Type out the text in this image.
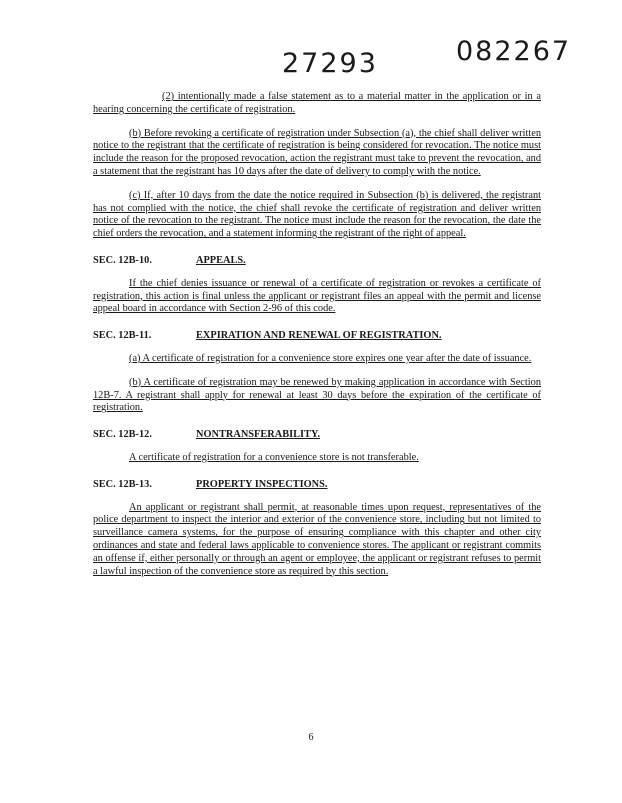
27293	082267

(2) intentionally made a false statement as to a material matter in the application or in a hearing concerning the certificate of registration.

(b) Before revoking a certificate of registration under Subsection (a), the chief shall deliver written notice to the registrant that the certificate of registration is being considered for revocation. The notice must include the reason for the proposed revocation, action the registrant must take to prevent the revocation, and a statement that the registrant has 10 days after the date of delivery to comply with the notice.

(c) If, after 10 days from the date the notice required in Subsection (b) is delivered, the registrant has not complied with the notice, the chief shall revoke the certificate of registration and deliver written notice of the revocation to the registrant. The notice must include the reason for the revocation, the date the chief orders the revocation, and a statement informing the registrant of the right of appeal.

SEC. 12B-10.	APPEALS.

If the chief denies issuance or renewal of a certificate of registration or revokes a certificate of registration, this action is final unless the applicant or registrant files an appeal with the permit and license appeal board in accordance with Section 2-96 of this code.

SEC. 12B-11.	EXPIRATION AND RENEWAL OF REGISTRATION.

(a) A certificate of registration for a convenience store expires one year after the date of issuance.

(b) A certificate of registration may be renewed by making application in accordance with Section 12B-7. A registrant shall apply for renewal at least 30 days before the expiration of the certificate of registration.

SEC. 12B-12.	NONTRANSFERABILITY.

A certificate of registration for a convenience store is not transferable.

SEC. 12B-13.	PROPERTY INSPECTIONS.

An applicant or registrant shall permit, at reasonable times upon request, representatives of the police department to inspect the interior and exterior of the convenience store, including but not limited to surveillance camera systems, for the purpose of ensuring compliance with this chapter and other city ordinances and state and federal laws applicable to convenience stores. The applicant or registrant commits an offense if, either personally or through an agent or employee, the applicant or registrant refuses to permit a lawful inspection of the convenience store as required by this section.

6
